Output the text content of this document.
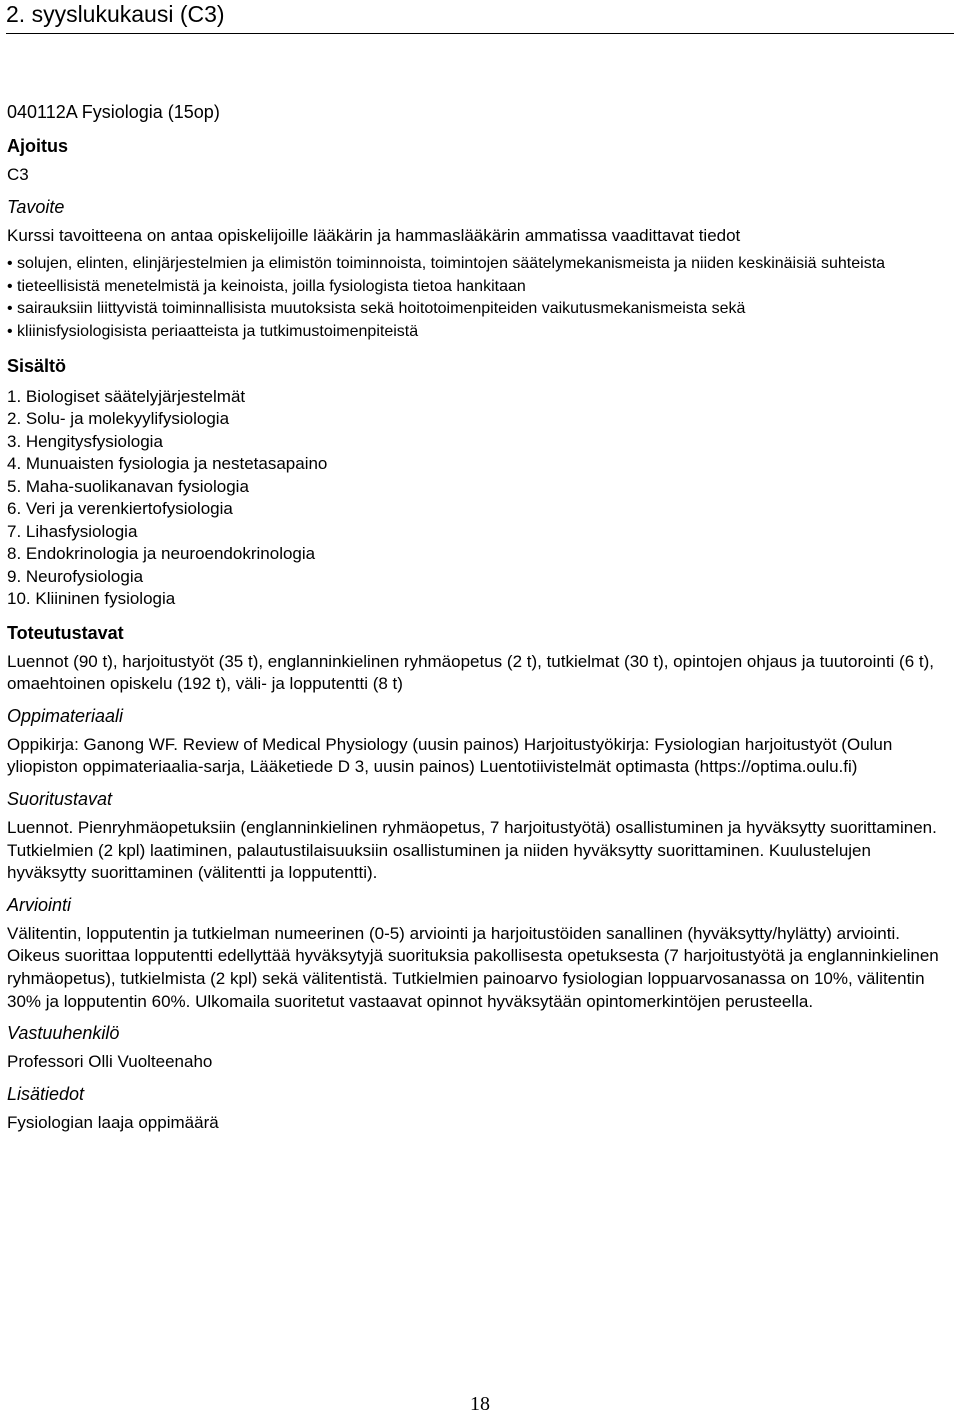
2. syyslukukausi (C3)
040112A Fysiologia (15op)
Ajoitus
C3
Tavoite
Kurssi tavoitteena on antaa opiskelijoille lääkärin ja hammaslääkärin ammatissa vaadittavat tiedot
• solujen, elinten, elinjärjestelmien ja elimistön toiminnoista, toimintojen säätelymekanismeista ja niiden keskinäisiä suhteista
• tieteellisistä menetelmistä ja keinoista, joilla fysiologista tietoa hankitaan
• sairauksiin liittyvistä toiminnallisista muutoksista sekä hoitotoimenpiteiden vaikutusmekanismeista sekä
• kliinisfysiologisista periaatteista ja tutkimustoimenpiteistä
Sisältö
1. Biologiset säätelyjärjestelmät
2. Solu- ja molekyylifysiologia
3. Hengitysfysiologia
4. Munuaisten fysiologia ja nestetasapaino
5. Maha-suolikanavan fysiologia
6. Veri ja verenkiertofysiologia
7. Lihasfysiologia
8. Endokrinologia ja neuroendokrinologia
9. Neurofysiologia
10. Kliininen fysiologia
Toteutustavat
Luennot (90 t), harjoitustyöt (35 t), englanninkielinen ryhmäopetus (2 t), tutkielmat (30 t), opintojen ohjaus ja tuutorointi (6 t), omaehtoinen opiskelu (192 t), väli- ja lopputentti (8 t)
Oppimateriaali
Oppikirja: Ganong WF. Review of Medical Physiology (uusin painos) Harjoitustyökirja: Fysiologian harjoitustyöt (Oulun yliopiston oppimateriaalia-sarja, Lääketiede D 3, uusin painos) Luentotiivistelmät optimasta (https://optima.oulu.fi)
Suoritustavat
Luennot. Pienryhmäopetuksiin (englanninkielinen ryhmäopetus, 7 harjoitustyötä) osallistuminen ja hyväksytty suorittaminen. Tutkielmien (2 kpl) laatiminen, palautustilaisuuksiin osallistuminen ja niiden hyväksytty suorittaminen. Kuulustelujen hyväksytty suorittaminen (välitentti ja lopputentti).
Arviointi
Välitentin, lopputentin ja tutkielman numeerinen (0-5) arviointi ja harjoitustöiden sanallinen (hyväksytty/hylätty) arviointi. Oikeus suorittaa lopputentti edellyttää hyväksytyjä suorituksia pakollisesta opetuksesta (7 harjoitustyötä ja englanninkielinen ryhmäopetus), tutkielmista (2 kpl) sekä välitentistä. Tutkielmien painoarvo fysiologian loppuarvosanassa on 10%, välitentin 30% ja lopputentin 60%. Ulkomaila suoritetut vastaavat opinnot hyväksytään opintomerkintöjen perusteella.
Vastuuhenkilö
Professori Olli Vuolteenaho
Lisätiedot
Fysiologian laaja oppimäärä
18
